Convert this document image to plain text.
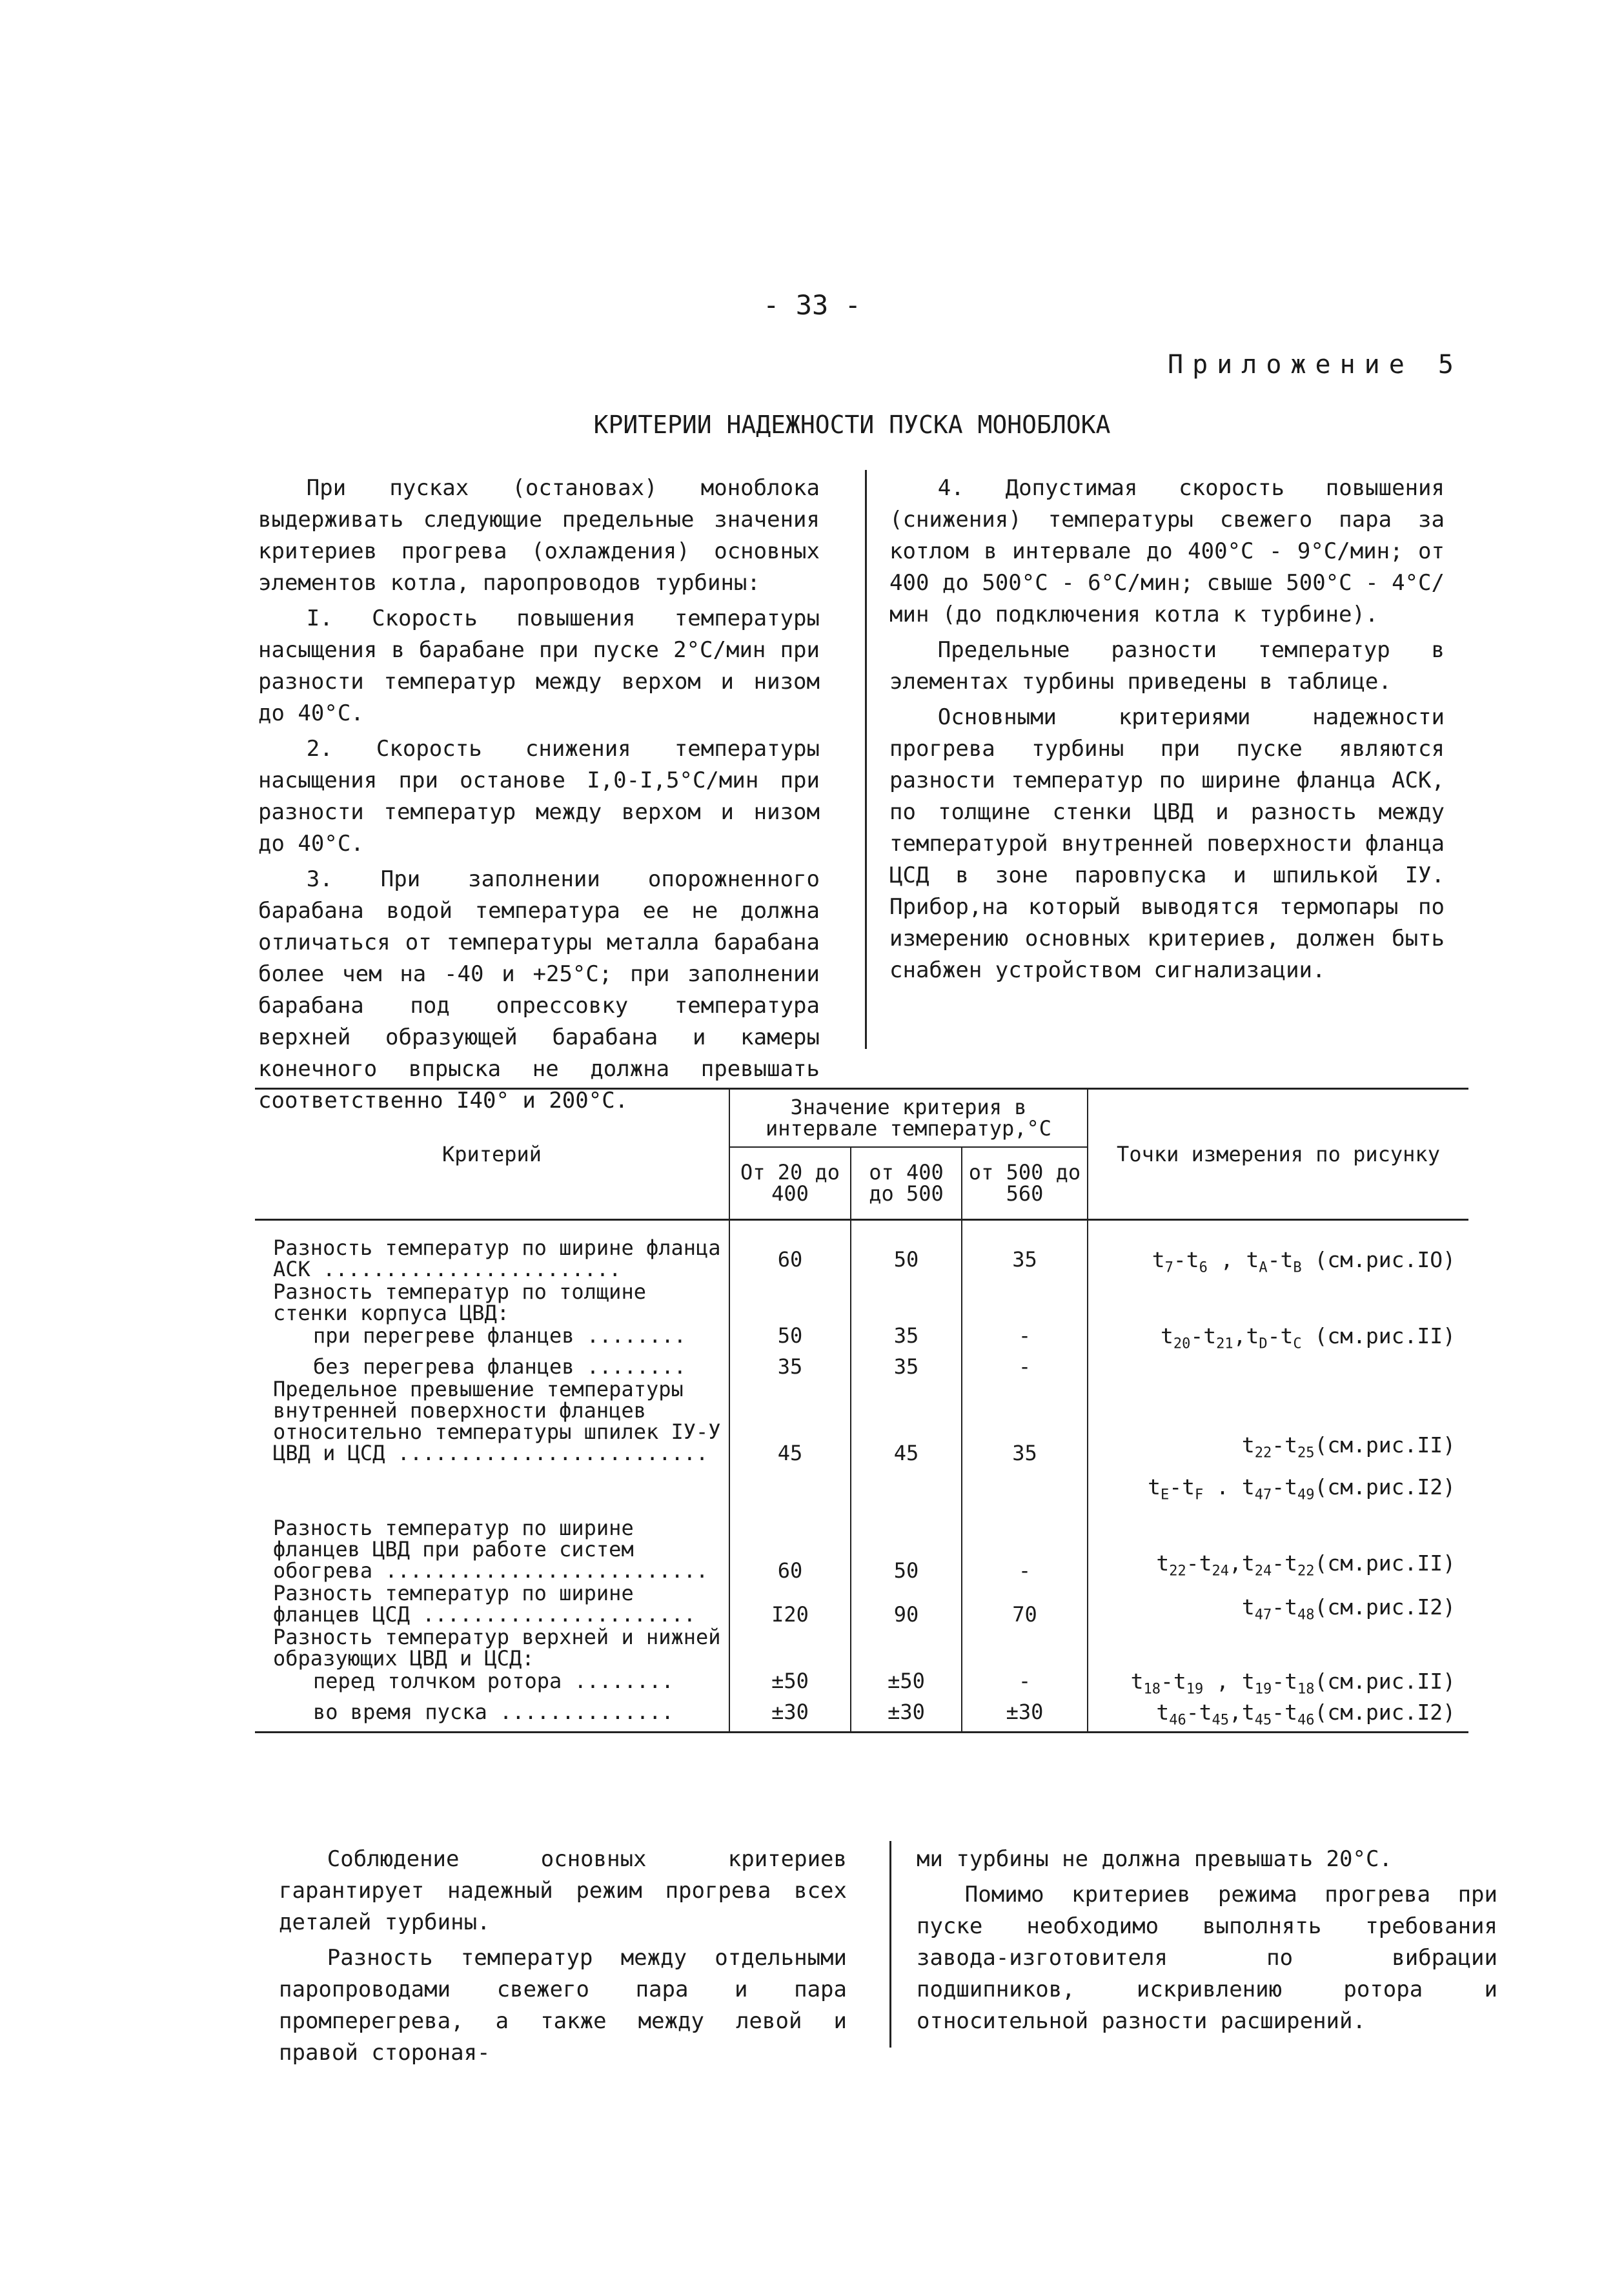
- 33 -
Приложение 5
КРИТЕРИИ НАДЕЖНОСТИ ПУСКА МОНОБЛОКА

При пусках (остановах) моноблока выдерживать следующие предельные значения критериев прогрева (охлаждения) основных элементов котла, паропроводов турбины:

I. Скорость повышения температуры насыщения в барабане при пуске 2°С/мин при разности температур между верхом и низом до 40°С.

2. Скорость снижения температуры насыщения при останове I,0-I,5°С/мин при разности температур между верхом и низом до 40°С.

3. При заполнении опорожненного барабана водой температура ее не должна отличаться от температуры металла барабана более чем на -40 и +25°С; при заполнении барабана под опрессовку температура верхней образующей барабана и камеры конечного впрыска не должна превышать соответственно I40° и 200°С.

4. Допустимая скорость повышения (снижения) температуры свежего пара за котлом в интервале до 400°С - 9°С/мин; от 400 до 500°С - 6°С/мин; свыше 500°С - 4°С/мин (до подключения котла к турбине).

Предельные разности температур в элементах турбины приведены в таблице.

Основными критериями надежности прогрева турбины при пуске являются разности температур по ширине фланца АСК, по толщине стенки ЦВД и разность между температурой внутренней поверхности фланца ЦСД в зоне паровпуска и шпилькой IУ. Прибор,на который выводятся термопары по измерению основных критериев, должен быть снабжен устройством сигнализации.

Критерий	Значение критерия в интервале температур,°С			Точки измерения по рисунку
	От 20 до 400	от 400 до 500	от 500 до 560	
Разность температур по ширине фланца АСК ........................	60	50	35	$t_7-t_6$ , $t_A-t_B$ (см.рис.IO)
Разность температур по толщине стенки корпуса ЦВД:				
при перегреве фланцев ........	50	35	-	$t_{20}-t_{21},t_D-t_C$ (см.рис.II)
без перегрева фланцев ........	35	35	-	
Предельное превышение температуры внутренней поверхности фланцев относительно температуры шпилек IУ-У ЦВД и ЦСД .........................	45	45	35	$t_{22}-t_{25}(см.рис.II)$
				$t_E-t_F$ . $t_{47}-t_{49}(см.рис.I2)$
Разность температур по ширине фланцев ЦВД при работе систем обогрева ..........................	60	50	-	$t_{22}-t_{24},t_{24}-t_{22}(см.рис.II)$
Разность температур по ширине фланцев ЦСД ......................	I20	90	70	$t_{47}-t_{48}(см.рис.I2)$
Разность температур верхней и нижней образующих ЦВД и ЦСД:				
перед толчком ротора ........	±50	±50	-	$t_{18}-t_{19}$ , $t_{19}-t_{18}(см.рис.II)$
во время пуска ..............	±30	±30	±30	$t_{46}-t_{45},t_{45}-t_{46}(см.рис.I2)$

Соблюдение основных критериев гарантирует надежный режим прогрева всех деталей турбины.

Разность температур между отдельными паропроводами свежего пара и пара промперегрева, а также между левой и правой стороная-

ми турбины не должна превышать 20°С.

Помимо критериев режима прогрева при пуске необходимо выполнять требования завода-изготовителя по вибрации подшипников, искривлению ротора и относительной разности расширений.
